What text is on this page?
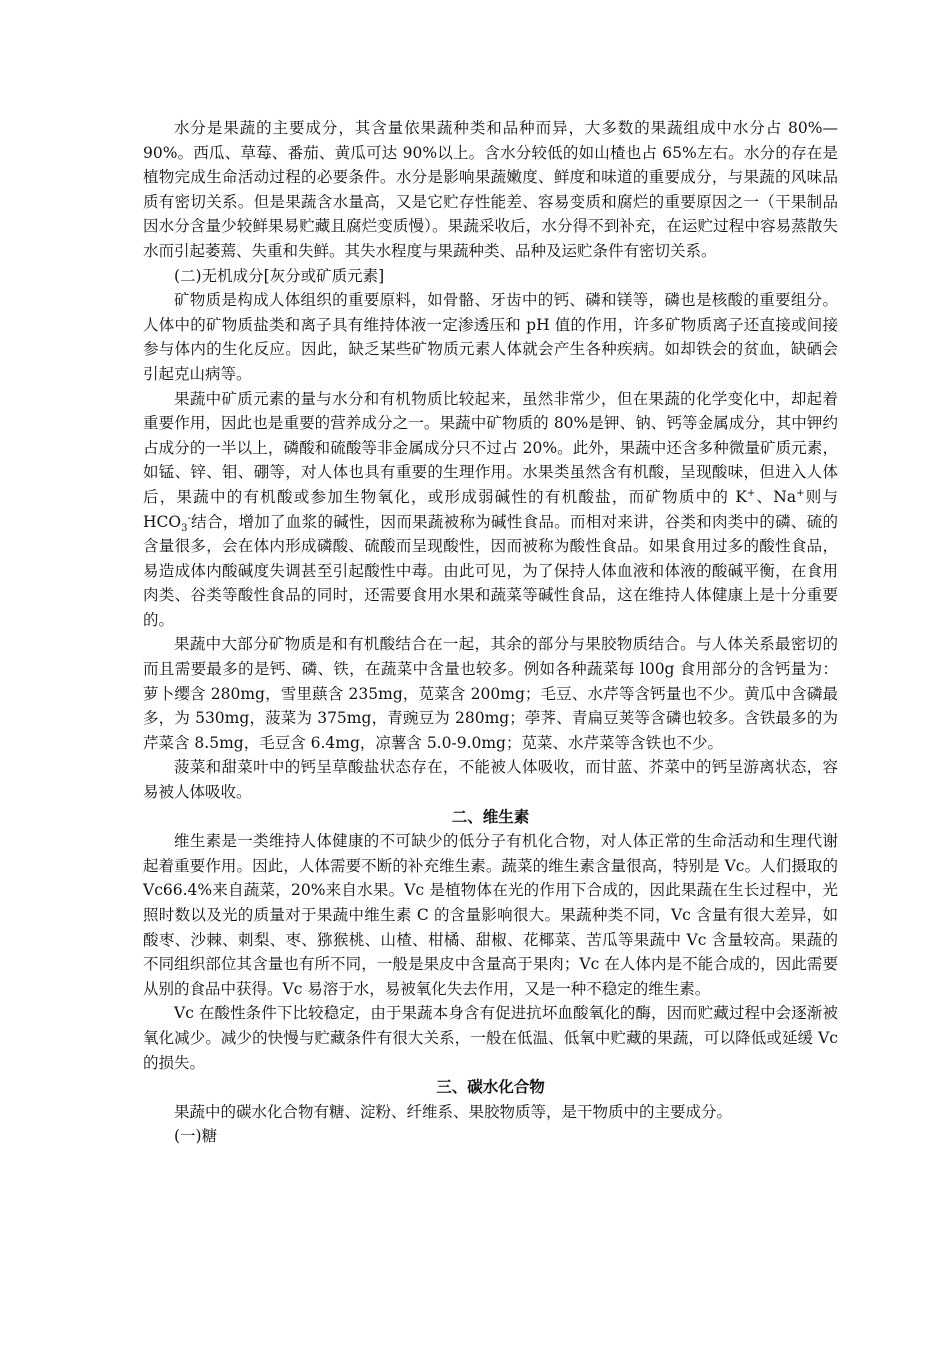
水分是果蔬的主要成分，其含量依果蔬种类和品种而异，大多数的果蔬组成中水分占 80%—90%。西瓜、草莓、番茄、黄瓜可达 90%以上。含水分较低的如山楂也占 65%左右。水分的存在是植物完成生命活动过程的必要条件。水分是影响果蔬嫩度、鲜度和味道的重要成分，与果蔬的风味品质有密切关系。但是果蔬含水量高，又是它贮存性能差、容易变质和腐烂的重要原因之一（干果制品因水分含量少较鲜果易贮藏且腐烂变质慢）。果蔬采收后，水分得不到补充，在运贮过程中容易蒸散失水而引起萎蔫、失重和失鲜。其失水程度与果蔬种类、品种及运贮条件有密切关系。

(二)无机成分[灰分或矿质元素]

矿物质是构成人体组织的重要原料，如骨骼、牙齿中的钙、磷和镁等，磷也是核酸的重要组分。人体中的矿物质盐类和离子具有维持体液一定渗透压和 pH 值的作用，许多矿物质离子还直接或间接参与体内的生化反应。因此，缺乏某些矿物质元素人体就会产生各种疾病。如却铁会的贫血，缺硒会引起克山病等。

果蔬中矿质元素的量与水分和有机物质比较起来，虽然非常少，但在果蔬的化学变化中，却起着重要作用，因此也是重要的营养成分之一。果蔬中矿物质的 80%是钾、钠、钙等金属成分，其中钾约占成分的一半以上，磷酸和硫酸等非金属成分只不过占 20%。此外，果蔬中还含多种微量矿质元素，如锰、锌、钼、硼等，对人体也具有重要的生理作用。水果类虽然含有机酸，呈现酸味，但进入人体后，果蔬中的有机酸或参加生物氧化，或形成弱碱性的有机酸盐，而矿物质中的 K+、Na+则与 $HCO_3^-$结合，增加了血浆的碱性，因而果蔬被称为碱性食品。而相对来讲，谷类和肉类中的磷、硫的含量很多，会在体内形成磷酸、硫酸而呈现酸性，因而被称为酸性食品。如果食用过多的酸性食品，易造成体内酸碱度失调甚至引起酸性中毒。由此可见，为了保持人体血液和体液的酸碱平衡，在食用肉类、谷类等酸性食品的同时，还需要食用水果和蔬菜等碱性食品，这在维持人体健康上是十分重要的。

果蔬中大部分矿物质是和有机酸结合在一起，其余的部分与果胶物质结合。与人体关系最密切的而且需要最多的是钙、磷、铁，在蔬菜中含量也较多。例如各种蔬菜每 l00g 食用部分的含钙量为：萝卜缨含 280mg，雪里蕻含 235mg，苋菜含 200mg；毛豆、水芹等含钙量也不少。黄瓜中含磷最多，为 530mg，菠菜为 375mg，青豌豆为 280mg；荸荠、青扁豆荚等含磷也较多。含铁最多的为芹菜含 8.5mg，毛豆含 6.4mg，凉薯含 5.0-9.0mg；苋菜、水芹菜等含铁也不少。

菠菜和甜菜叶中的钙呈草酸盐状态存在，不能被人体吸收，而甘蓝、芥菜中的钙呈游离状态，容易被人体吸收。

二、维生素

维生素是一类维持人体健康的不可缺少的低分子有机化合物，对人体正常的生命活动和生理代谢起着重要作用。因此，人体需要不断的补充维生素。蔬菜的维生素含量很高，特别是 Vc。人们摄取的 Vc66.4%来自蔬菜，20%来自水果。Vc 是植物体在光的作用下合成的，因此果蔬在生长过程中，光照时数以及光的质量对于果蔬中维生素 C 的含量影响很大。果蔬种类不同，Vc 含量有很大差异，如酸枣、沙棘、刺梨、枣、猕猴桃、山楂、柑橘、甜椒、花椰菜、苦瓜等果蔬中 Vc 含量较高。果蔬的不同组织部位其含量也有所不同，一般是果皮中含量高于果肉；Vc 在人体内是不能合成的，因此需要从别的食品中获得。Vc 易溶于水，易被氧化失去作用，又是一种不稳定的维生素。

Vc 在酸性条件下比较稳定，由于果蔬本身含有促进抗坏血酸氧化的酶，因而贮藏过程中会逐渐被氧化减少。减少的快慢与贮藏条件有很大关系，一般在低温、低氧中贮藏的果蔬，可以降低或延缓 Vc 的损失。

三、碳水化合物

果蔬中的碳水化合物有糖、淀粉、纤维系、果胶物质等，是干物质中的主要成分。

(一)糖
